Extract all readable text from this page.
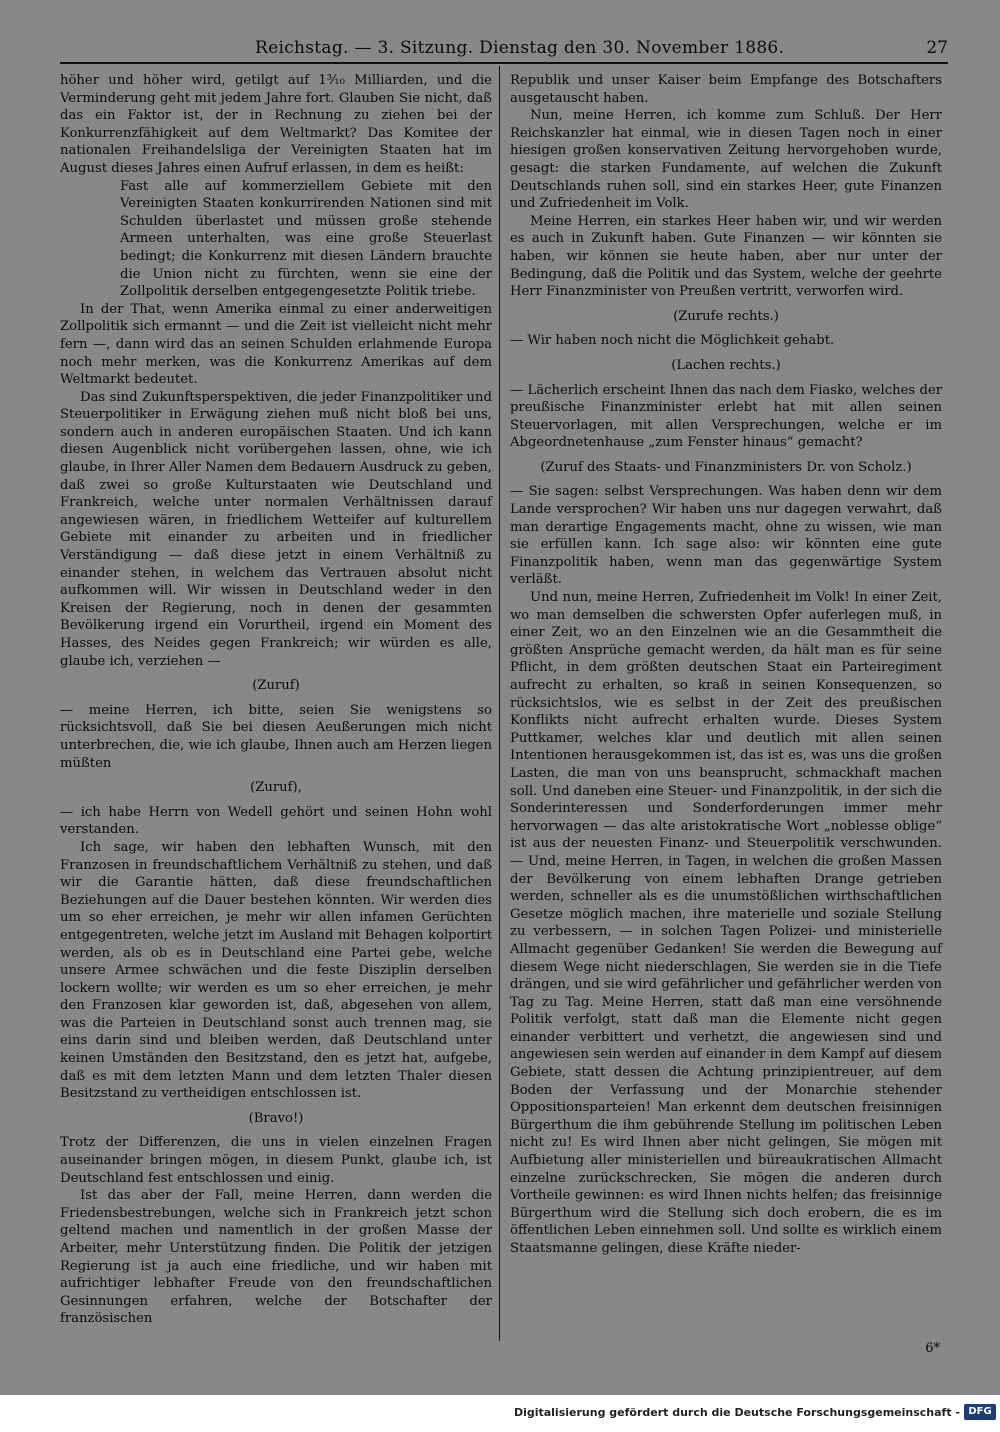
Reichstag. — 3. Sitzung. Dienstag den 30. November 1886.	27

höher und höher wird, getilgt auf 1³⁄₁₀ Milliarden, und die Verminderung geht mit jedem Jahre fort. Glauben Sie nicht, daß das ein Faktor ist, der in Rechnung zu ziehen bei der Konkurrenzfähigkeit auf dem Weltmarkt? Das Komitee der nationalen Freihandelsliga der Vereinigten Staaten hat im August dieses Jahres einen Aufruf erlassen, in dem es heißt:

Fast alle auf kommerziellem Gebiete mit den Vereinigten Staaten konkurrirenden Nationen sind mit Schulden überlastet und müssen große stehende Armeen unterhalten, was eine große Steuerlast bedingt; die Konkurrenz mit diesen Ländern brauchte die Union nicht zu fürchten, wenn sie eine der Zollpolitik derselben entgegengesetzte Politik triebe.

In der That, wenn Amerika einmal zu einer anderweitigen Zollpolitik sich ermannt — und die Zeit ist vielleicht nicht mehr fern —, dann wird das an seinen Schulden erlahmende Europa noch mehr merken, was die Konkurrenz Amerikas auf dem Weltmarkt bedeutet.

Das sind Zukunftsperspektiven, die jeder Finanzpolitiker und Steuerpolitiker in Erwägung ziehen muß nicht bloß bei uns, sondern auch in anderen europäischen Staaten. Und ich kann diesen Augenblick nicht vorübergehen lassen, ohne, wie ich glaube, in Ihrer Aller Namen dem Bedauern Ausdruck zu geben, daß zwei so große Kulturstaaten wie Deutschland und Frankreich, welche unter normalen Verhältnissen darauf angewiesen wären, in friedlichem Wetteifer auf kulturellem Gebiete mit einander zu arbeiten und in friedlicher Verständigung — daß diese jetzt in einem Verhältniß zu einander stehen, in welchem das Vertrauen absolut nicht aufkommen will. Wir wissen in Deutschland weder in den Kreisen der Regierung, noch in denen der gesammten Bevölkerung irgend ein Vorurtheil, irgend ein Moment des Hasses, des Neides gegen Frankreich; wir würden es alle, glaube ich, verziehen —

(Zuruf)

— meine Herren, ich bitte, seien Sie wenigstens so rücksichtsvoll, daß Sie bei diesen Aeußerungen mich nicht unterbrechen, die, wie ich glaube, Ihnen auch am Herzen liegen müßten

(Zuruf),

— ich habe Herrn von Wedell gehört und seinen Hohn wohl verstanden.

Ich sage, wir haben den lebhaften Wunsch, mit den Franzosen in freundschaftlichem Verhältniß zu stehen, und daß wir die Garantie hätten, daß diese freundschaftlichen Beziehungen auf die Dauer bestehen könnten. Wir werden dies um so eher erreichen, je mehr wir allen infamen Gerüchten entgegentreten, welche jetzt im Ausland mit Behagen kolportirt werden, als ob es in Deutschland eine Partei gebe, welche unsere Armee schwächen und die feste Disziplin derselben lockern wollte; wir werden es um so eher erreichen, je mehr den Franzosen klar geworden ist, daß, abgesehen von allem, was die Parteien in Deutschland sonst auch trennen mag, sie eins darin sind und bleiben werden, daß Deutschland unter keinen Umständen den Besitzstand, den es jetzt hat, aufgebe, daß es mit dem letzten Mann und dem letzten Thaler diesen Besitzstand zu vertheidigen entschlossen ist.

(Bravo!)

Trotz der Differenzen, die uns in vielen einzelnen Fragen auseinander bringen mögen, in diesem Punkt, glaube ich, ist Deutschland fest entschlossen und einig.

Ist das aber der Fall, meine Herren, dann werden die Friedensbestrebungen, welche sich in Frankreich jetzt schon geltend machen und namentlich in der großen Masse der Arbeiter, mehr Unterstützung finden. Die Politik der jetzigen Regierung ist ja auch eine friedliche, und wir haben mit aufrichtiger lebhafter Freude von den freundschaftlichen Gesinnungen erfahren, welche der Botschafter der französischen

Republik und unser Kaiser beim Empfange des Botschafters ausgetauscht haben.

Nun, meine Herren, ich komme zum Schluß. Der Herr Reichskanzler hat einmal, wie in diesen Tagen noch in einer hiesigen großen konservativen Zeitung hervorgehoben wurde, gesagt: die starken Fundamente, auf welchen die Zukunft Deutschlands ruhen soll, sind ein starkes Heer, gute Finanzen und Zufriedenheit im Volk.

Meine Herren, ein starkes Heer haben wir, und wir werden es auch in Zukunft haben. Gute Finanzen — wir könnten sie haben, wir können sie heute haben, aber nur unter der Bedingung, daß die Politik und das System, welche der geehrte Herr Finanzminister von Preußen vertritt, verworfen wird.

(Zurufe rechts.)

— Wir haben noch nicht die Möglichkeit gehabt.

(Lachen rechts.)

— Lächerlich erscheint Ihnen das nach dem Fiasko, welches der preußische Finanzminister erlebt hat mit allen seinen Steuervorlagen, mit allen Versprechungen, welche er im Abgeordnetenhause „zum Fenster hinaus“ gemacht?

(Zuruf des Staats- und Finanzministers Dr. von Scholz.)

— Sie sagen: selbst Versprechungen. Was haben denn wir dem Lande versprochen? Wir haben uns nur dagegen verwahrt, daß man derartige Engagements macht, ohne zu wissen, wie man sie erfüllen kann. Ich sage also: wir könnten eine gute Finanzpolitik haben, wenn man das gegenwärtige System verläßt.

Und nun, meine Herren, Zufriedenheit im Volk! In einer Zeit, wo man demselben die schwersten Opfer auferlegen muß, in einer Zeit, wo an den Einzelnen wie an die Gesammtheit die größten Ansprüche gemacht werden, da hält man es für seine Pflicht, in dem größten deutschen Staat ein Parteiregiment aufrecht zu erhalten, so kraß in seinen Konsequenzen, so rücksichtslos, wie es selbst in der Zeit des preußischen Konflikts nicht aufrecht erhalten wurde. Dieses System Puttkamer, welches klar und deutlich mit allen seinen Intentionen herausgekommen ist, das ist es, was uns die großen Lasten, die man von uns beansprucht, schmackhaft machen soll. Und daneben eine Steuer- und Finanzpolitik, in der sich die Sonderinteressen und Sonderforderungen immer mehr hervorwagen — das alte aristokratische Wort „noblesse oblige“ ist aus der neuesten Finanz- und Steuerpolitik verschwunden. — Und, meine Herren, in Tagen, in welchen die großen Massen der Bevölkerung von einem lebhaften Drange getrieben werden, schneller als es die unumstößlichen wirthschaftlichen Gesetze möglich machen, ihre materielle und soziale Stellung zu verbessern, — in solchen Tagen Polizei- und ministerielle Allmacht gegenüber Gedanken! Sie werden die Bewegung auf diesem Wege nicht niederschlagen, Sie werden sie in die Tiefe drängen, und sie wird gefährlicher und gefährlicher werden von Tag zu Tag. Meine Herren, statt daß man eine versöhnende Politik verfolgt, statt daß man die Elemente nicht gegen einander verbittert und verhetzt, die angewiesen sind und angewiesen sein werden auf einander in dem Kampf auf diesem Gebiete, statt dessen die Achtung prinzipientreuer, auf dem Boden der Verfassung und der Monarchie stehender Oppositionsparteien! Man erkennt dem deutschen freisinnigen Bürgerthum die ihm gebührende Stellung im politischen Leben nicht zu! Es wird Ihnen aber nicht gelingen, Sie mögen mit Aufbietung aller ministeriellen und büreaukratischen Allmacht einzelne zurückschrecken, Sie mögen die anderen durch Vortheile gewinnen: es wird Ihnen nichts helfen; das freisinnige Bürgerthum wird die Stellung sich doch erobern, die es im öffentlichen Leben einnehmen soll. Und sollte es wirklich einem Staatsmanne gelingen, diese Kräfte nieder-

6*
Digitalisierung gefördert durch die Deutsche Forschungsgemeinschaft - DFG
